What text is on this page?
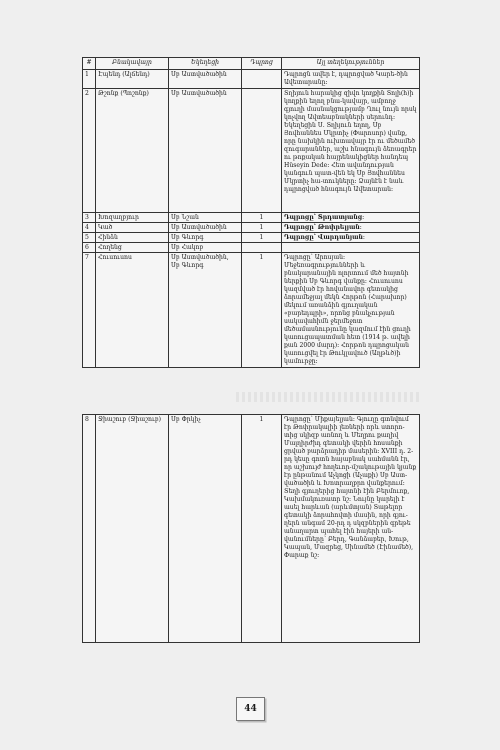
#	Բնակավայր	Եկեղեցի	Դպրոց	Այլ տեղեկություններ
1	Էպենդ (Ալճենդ)	Սբ Աստվածածին		Դպրոցն ավեր է, դպրոցված Կարե-ծին Ավետարանը։
2	Թշոնք (Պոշոնք)	Սբ Աստվածածին		Տղիյուն հարակից զիվո կողքին Տոլի(հ)ի կողքին եղող բնա-կավայր, ամբողջ գյուղի մասնակցությամբ Ղուլ նույն որսկ կոչվող Ավտեաբնակների սերունդ։ Եկեղեցին Ս. Տղիյուն եղող, Սբ Յովհաննես Մկրտիչ (Փարոսոր) վանք, որը նախկին ուխտավայր էր ու մեծամեծ զուգարաններ, աշխ հնագույն ձեռագրեր ու թոքական հայրենակիցներ հանդեպ Hüseyin Dede։ Հետ ավանդության կանգուն պատ-վեն եկ Սբ Յովհաննես Մկրտիչ հա-տուկները։ Ձայնէն է նաև դպրոցված հնագույն Ավետարան։
3	Խոզաղբյուր	Սբ Նշան	1	Դպրոցը՝ Տրդատյանց։
4	Կած	Սբ Աստվածածին	1	Դպրոցը՝ Թոփրելյան։
5	Հինձն	Սբ Գևորգ	1	Դպրոցը՝ Վարդանյան։
6	Հողենց	Սբ Հակոբ		
7	Հուսուսոս	Սբ Աստվածածին, Սբ Գևորգ	1	Դպրոցը՝ Արոսյան։ Մեջեռագրությունների և բնակարանային ոլորտում մեծ հայտնի ներքին Սբ Գևորգ վանքը: Հուսուսոս կազմված էր հովանավոր գետակից ձորամեջյալ մեկն Հորթոն (Հարախոր) մեկում առանձին գյուղական «բարեդպրի», որոնց բնակչության սակավահիմն ջերմեջոտ մեծամասնությունը կազմում էին ցուղի կառուցապատման հետ (1914 թ. ավելի քան 2000 մարդ)։ Հորթոն դպրոցական կառուցվել էր Թուկլավուծ (Աղթևծ)ի կամուրջը։
8	Ջիաշուբ (Ջիաշուբ)	Սբ Փրկիչ	1	Դպրոցը՝ Միքայելյան։ Գյուղը գտնվում էր Թոփրակալիի լեռների որև ստորո-տից սկիզբ առնող և Մեղրու քաղիվ Մալղիրժիդ գետակի վերին հոսանքի ցրված բարձրադիր մասերին։ XVIII դ. 2-րդ կեսը գոտն հայաբնակ սահմանն էր, որ աշխույժ հողեւոր-մշակութային կյանք էր ընթանում Աչկոցի (Աչաքի) Սբ Աստ-վածածին և Խոտրաղբրո վանքերում։ Տեղի գյուղերից հայտնի էին Բերմուռք, Կախմակուռատր նշ։ Նույնը կարելի է ասել հարևան (արևմտյան) Տաթելոր գետակի ձորահովտի մասին, որի գյու-ղերն անգամ 20-րդ դ սկզբներին գրեթե անաղարտ պահել էին հայերի ան-վանումները՝ Բերդ, Գանձաբեր, Խութ, Կապան, Մազրեց, Սինամեծ (Էինամեծ), Փարաք նշ։
44
